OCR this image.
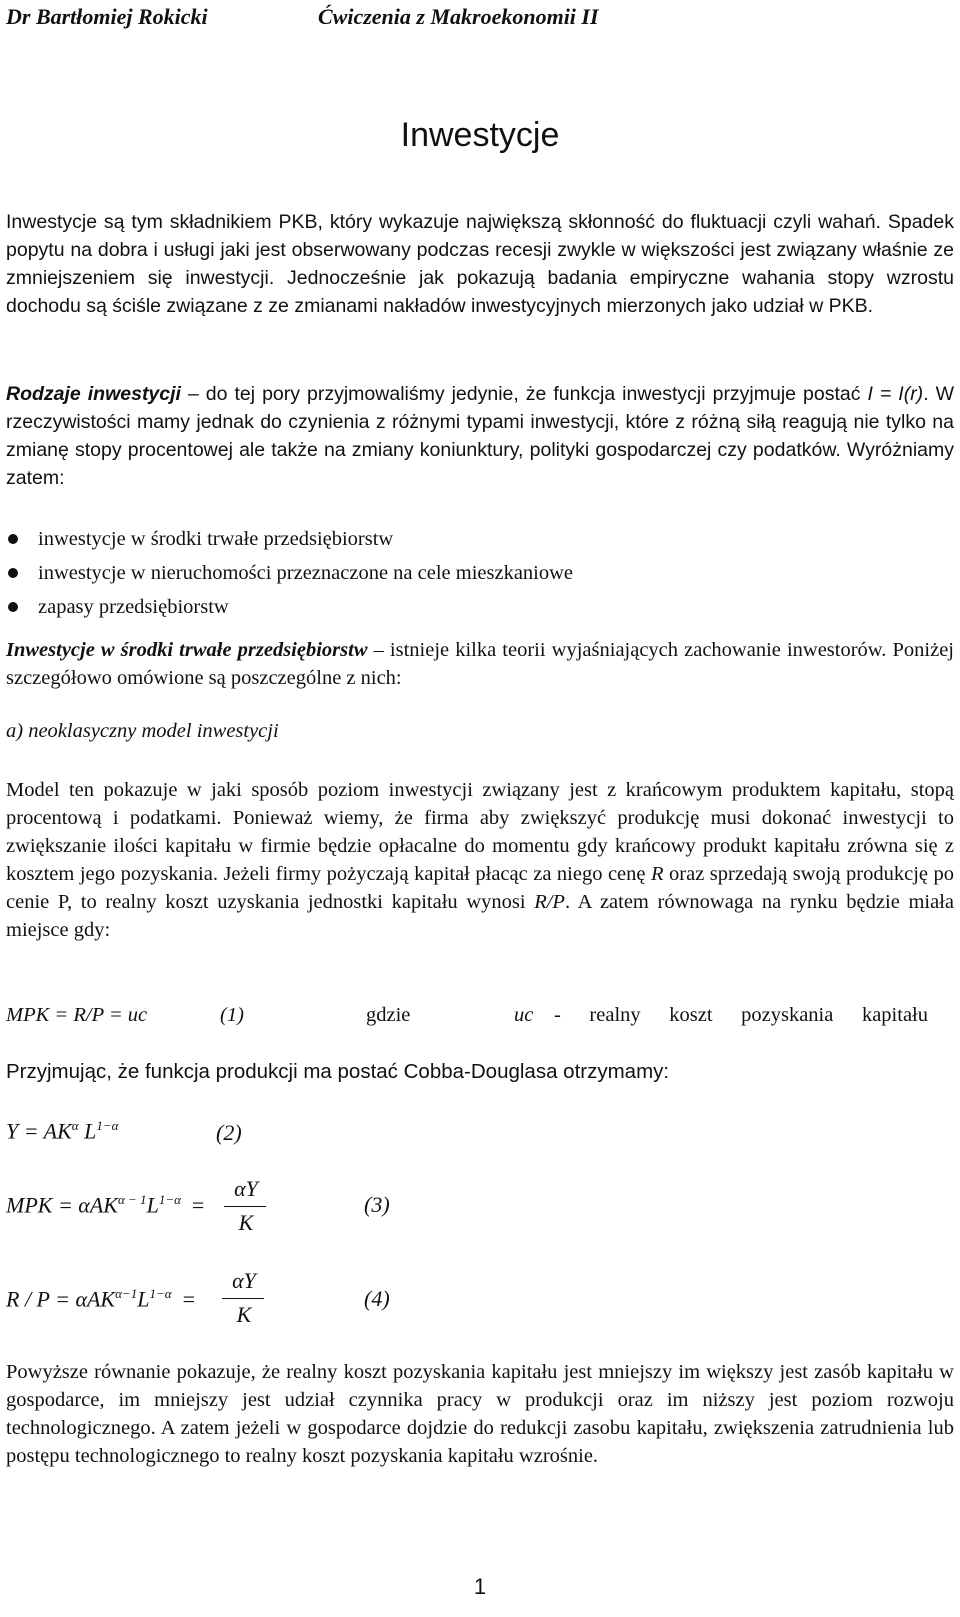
Dr Bartłomiej Rokicki	Ćwiczenia z Makroekonomii II
Inwestycje

Inwestycje są tym składnikiem PKB, który wykazuje największą skłonność do fluktuacji czyli wahań. Spadek popytu na dobra i usługi jaki jest obserwowany podczas recesji zwykle w większości jest związany właśnie ze zmniejszeniem się inwestycji. Jednocześnie jak pokazują badania empiryczne wahania stopy wzrostu dochodu są ściśle związane z ze zmianami nakładów inwestycyjnych mierzonych jako udział w PKB.

Rodzaje inwestycji – do tej pory przyjmowaliśmy jedynie, że funkcja inwestycji przyjmuje postać I = I(r). W rzeczywistości mamy jednak do czynienia z różnymi typami inwestycji, które z różną siłą reagują nie tylko na zmianę stopy procentowej ale także na zmiany koniunktury, polityki gospodarczej czy podatków. Wyróżniamy zatem:

inwestycje w środki trwałe przedsiębiorstw
inwestycje w nieruchomości przeznaczone na cele mieszkaniowe
zapasy przedsiębiorstw

Inwestycje w środki trwałe przedsiębiorstw – istnieje kilka teorii wyjaśniających zachowanie inwestorów. Poniżej szczegółowo omówione są poszczególne z nich:

a) neoklasyczny model inwestycji

Model ten pokazuje w jaki sposób poziom inwestycji związany jest z krańcowym produktem kapitału, stopą procentową i podatkami. Ponieważ wiemy, że firma aby zwiększyć produkcję musi dokonać inwestycji to zwiększanie ilości kapitału w firmie będzie opłacalne do momentu gdy krańcowy produkt kapitału zrówna się z kosztem jego pozyskania. Jeżeli firmy pożyczają kapitał płacąc za niego cenę R oraz sprzedają swoją produkcję po cenie P, to realny koszt uzyskania jednostki kapitału wynosi R/P. A zatem równowaga na rynku będzie miała miejsce gdy:

MPK = R/P = uc	(1)	gdzie	uc - realny koszt pozyskania kapitału
Przyjmując, że funkcja produkcji ma postać Cobba-Douglasa otrzymamy:
$Y = AK^\alpha$ $L^{1-\alpha}$	(2)
MPK = $\alpha AK^{\alpha - 1}L^{1-\alpha}$ =
αY
K
(3)
$R / P = \alpha AK^{\alpha-1}L^{1-\alpha}$ =
αY
K
(4)

Powyższe równanie pokazuje, że realny koszt pozyskania kapitału jest mniejszy im większy jest zasób kapitału w gospodarce, im mniejszy jest udział czynnika pracy w produkcji oraz im niższy jest poziom rozwoju technologicznego. A zatem jeżeli w gospodarce dojdzie do redukcji zasobu kapitału, zwiększenia zatrudnienia lub postępu technologicznego to realny koszt pozyskania kapitału wzrośnie.

1
